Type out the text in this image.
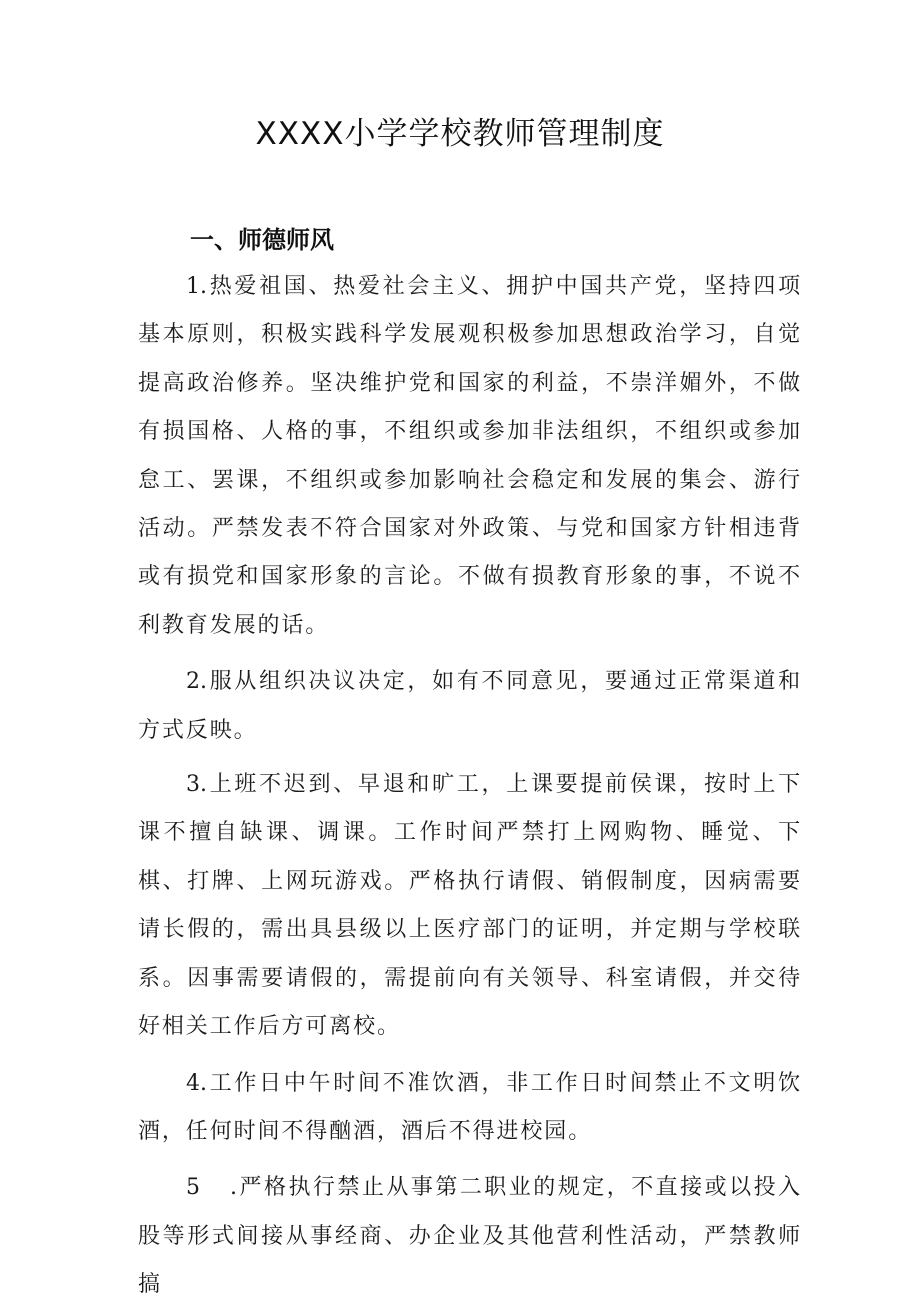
XXXX小学学校教师管理制度
一、师德师风

1.热爱祖国、热爱社会主义、拥护中国共产党，坚持四项基本原则，积极实践科学发展观积极参加思想政治学习，自觉提高政治修养。坚决维护党和国家的利益，不崇洋媚外，不做有损国格、人格的事，不组织或参加非法组织，不组织或参加怠工、罢课，不组织或参加影响社会稳定和发展的集会、游行活动。严禁发表不符合国家对外政策、与党和国家方针相违背或有损党和国家形象的言论。不做有损教育形象的事，不说不利教育发展的话。

2.服从组织决议决定，如有不同意见，要通过正常渠道和方式反映。

3.上班不迟到、早退和旷工，上课要提前侯课，按时上下课不擅自缺课、调课。工作时间严禁打上网购物、睡觉、下棋、打牌、上网玩游戏。严格执行请假、销假制度，因病需要请长假的，需出具县级以上医疗部门的证明，并定期与学校联系。因事需要请假的，需提前向有关领导、科室请假，并交待好相关工作后方可离校。

4.工作日中午时间不准饮酒，非工作日时间禁止不文明饮酒，任何时间不得酗酒，酒后不得进校园。

5 .严格执行禁止从事第二职业的规定，不直接或以投入股等形式间接从事经商、办企业及其他营利性活动，严禁教师搞
